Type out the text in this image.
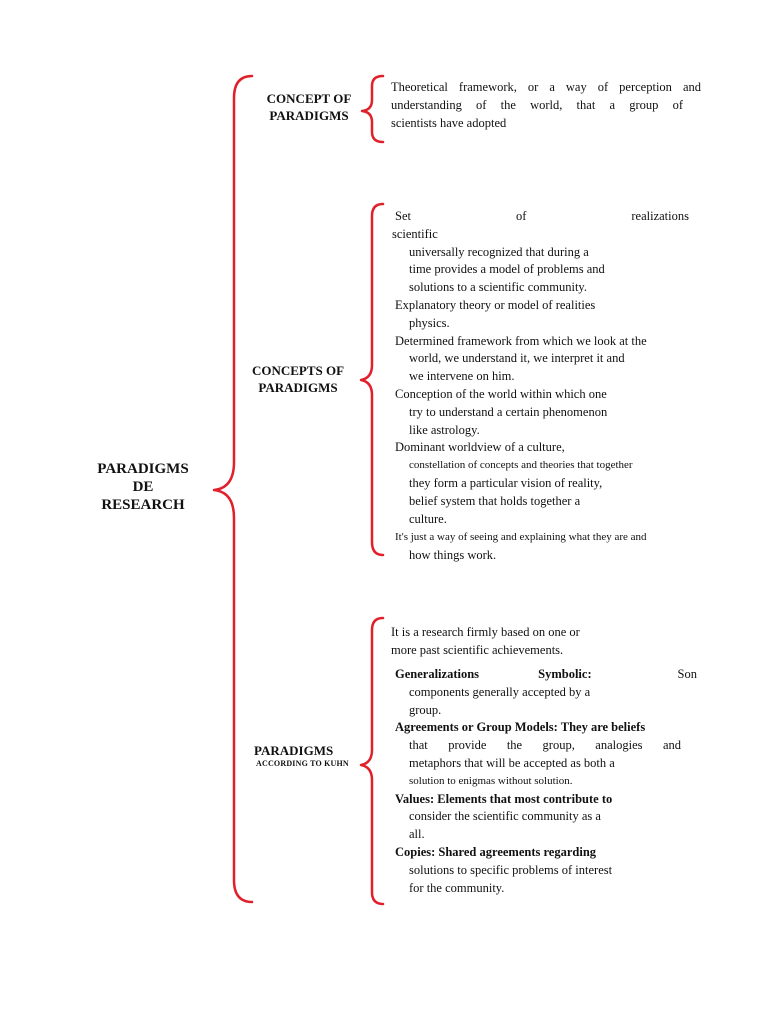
PARADIGMS
DE
RESEARCH
CONCEPT OF
PARADIGMS
Theoretical framework, or a way of perception and
understanding of the world, that a group of
scientists have adopted
CONCEPTS OF
PARADIGMS
Set of realizations scientific
universally recognized that during a
time provides a model of problems and
solutions to a scientific community.
Explanatory theory or model of realities
physics.
Determined framework from which we look at the
world, we understand it, we interpret it and
we intervene on him.
Conception of the world within which one
try to understand a certain phenomenon
like astrology.
Dominant worldview of a culture,
constellation of concepts and theories that together
they form a particular vision of reality,
belief system that holds together a
culture.
It's just a way of seeing and explaining what they are and
how things work.
PARADIGMS
ACCORDING TO KUHN
It is a research firmly based on one or
more past scientific achievements.
Generalizations Symbolic:	Son
components generally accepted by a
group.
Agreements or Group Models: They are beliefs
that provide the group, analogies and
metaphors that will be accepted as both a
solution to enigmas without solution.
Values: Elements that most contribute to
consider the scientific community as a
all.
Copies: Shared agreements regarding
solutions to specific problems of interest
for the community.
